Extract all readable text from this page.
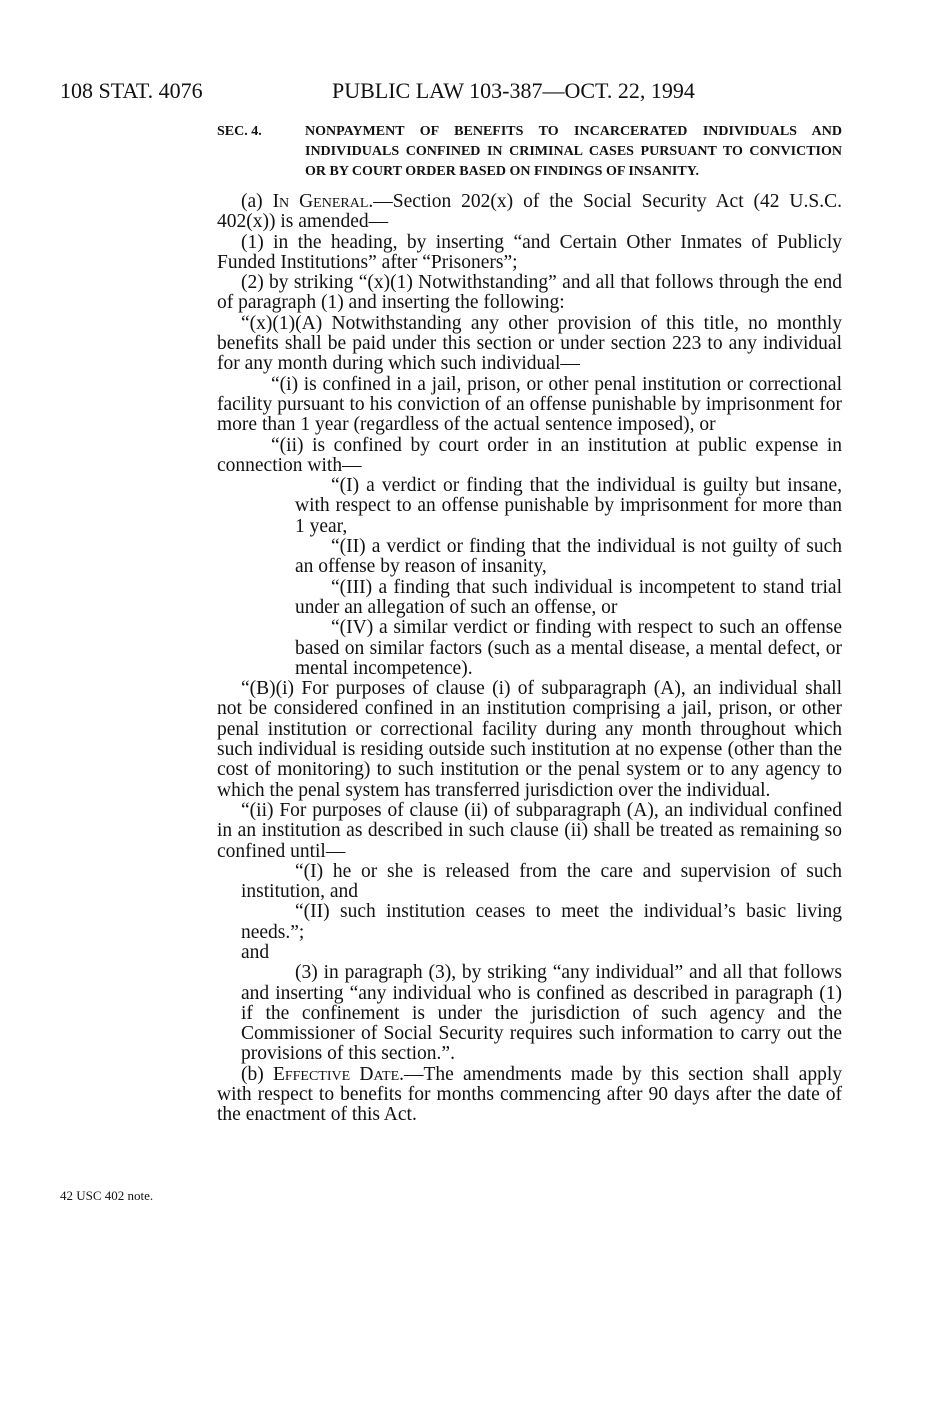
108 STAT. 4076	PUBLIC LAW 103-387—OCT. 22, 1994
42 USC 402 note.
SEC. 4.	NONPAYMENT OF BENEFITS TO INCARCERATED INDIVIDUALS AND INDIVIDUALS CONFINED IN CRIMINAL CASES PURSUANT TO CONVICTION OR BY COURT ORDER BASED ON FINDINGS OF INSANITY.

(a) In General.—Section 202(x) of the Social Security Act (42 U.S.C. 402(x)) is amended—

(1) in the heading, by inserting “and Certain Other Inmates of Publicly Funded Institutions” after “Prisoners”;

(2) by striking “(x)(1) Notwithstanding” and all that follows through the end of paragraph (1) and inserting the following:

“(x)(1)(A) Notwithstanding any other provision of this title, no monthly benefits shall be paid under this section or under section 223 to any individual for any month during which such individual—

“(i) is confined in a jail, prison, or other penal institution or correctional facility pursuant to his conviction of an offense punishable by imprisonment for more than 1 year (regardless of the actual sentence imposed), or

“(ii) is confined by court order in an institution at public expense in connection with—

“(I) a verdict or finding that the individual is guilty but insane, with respect to an offense punishable by imprisonment for more than 1 year,

“(II) a verdict or finding that the individual is not guilty of such an offense by reason of insanity,

“(III) a finding that such individual is incompetent to stand trial under an allegation of such an offense, or

“(IV) a similar verdict or finding with respect to such an offense based on similar factors (such as a mental disease, a mental defect, or mental incompetence).

“(B)(i) For purposes of clause (i) of subparagraph (A), an individual shall not be considered confined in an institution comprising a jail, prison, or other penal institution or correctional facility during any month throughout which such individual is residing outside such institution at no expense (other than the cost of monitoring) to such institution or the penal system or to any agency to which the penal system has transferred jurisdiction over the individual.

“(ii) For purposes of clause (ii) of subparagraph (A), an individual confined in an institution as described in such clause (ii) shall be treated as remaining so confined until—

“(I) he or she is released from the care and supervision of such institution, and

“(II) such institution ceases to meet the individual’s basic living needs.”;

and

(3) in paragraph (3), by striking “any individual” and all that follows and inserting “any individual who is confined as described in paragraph (1) if the confinement is under the jurisdiction of such agency and the Commissioner of Social Security requires such information to carry out the provisions of this section.”.

(b) Effective Date.—The amendments made by this section shall apply with respect to benefits for months commencing after 90 days after the date of the enactment of this Act.
